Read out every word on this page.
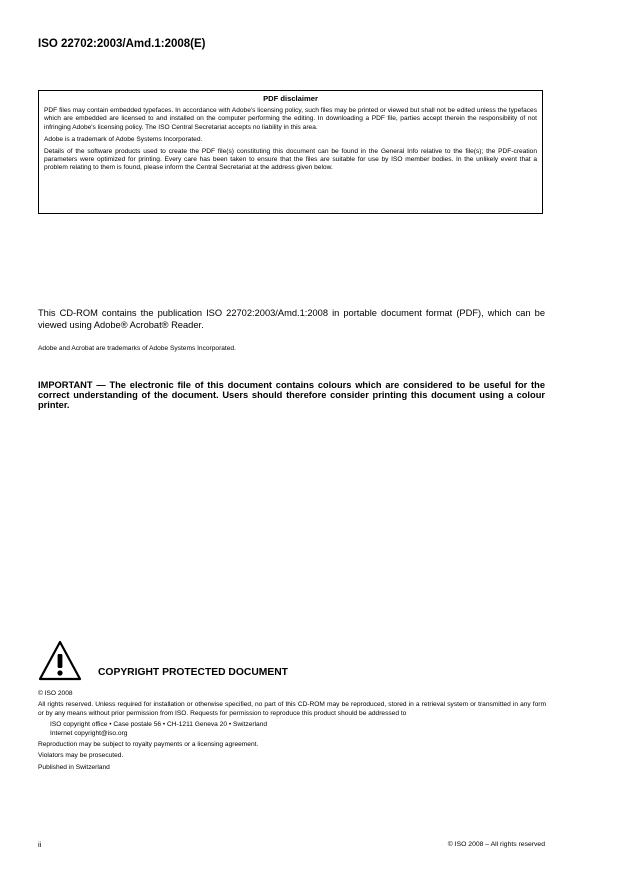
ISO 22702:2003/Amd.1:2008(E)
PDF disclaimer

PDF files may contain embedded typefaces. In accordance with Adobe's licensing policy, such files may be printed or viewed but shall not be edited unless the typefaces which are embedded are licensed to and installed on the computer performing the editing. In downloading a PDF file, parties accept therein the responsibility of not infringing Adobe's licensing policy. The ISO Central Secretariat accepts no liability in this area.

Adobe is a trademark of Adobe Systems Incorporated.

Details of the software products used to create the PDF file(s) constituting this document can be found in the General Info relative to the file(s); the PDF-creation parameters were optimized for printing. Every care has been taken to ensure that the files are suitable for use by ISO member bodies. In the unlikely event that a problem relating to them is found, please inform the Central Secretariat at the address given below.

This CD-ROM contains the publication ISO 22702:2003/Amd.1:2008 in portable document format (PDF), which can be viewed using Adobe® Acrobat® Reader.

Adobe and Acrobat are trademarks of Adobe Systems Incorporated.

IMPORTANT — The electronic file of this document contains colours which are considered to be useful for the correct understanding of the document. Users should therefore consider printing this document using a colour printer.

COPYRIGHT PROTECTED DOCUMENT

© ISO 2008

All rights reserved. Unless required for installation or otherwise specified, no part of this CD-ROM may be reproduced, stored in a retrieval system or transmitted in any form or by any means without prior permission from ISO. Requests for permission to reproduce this product should be addressed to

ISO copyright office • Case postale 56 • CH-1211 Geneva 20 • Switzerland

Internet copyright@iso.org

Reproduction may be subject to royalty payments or a licensing agreement.

Violators may be prosecuted.

Published in Switzerland

ii	© ISO 2008 – All rights reserved
